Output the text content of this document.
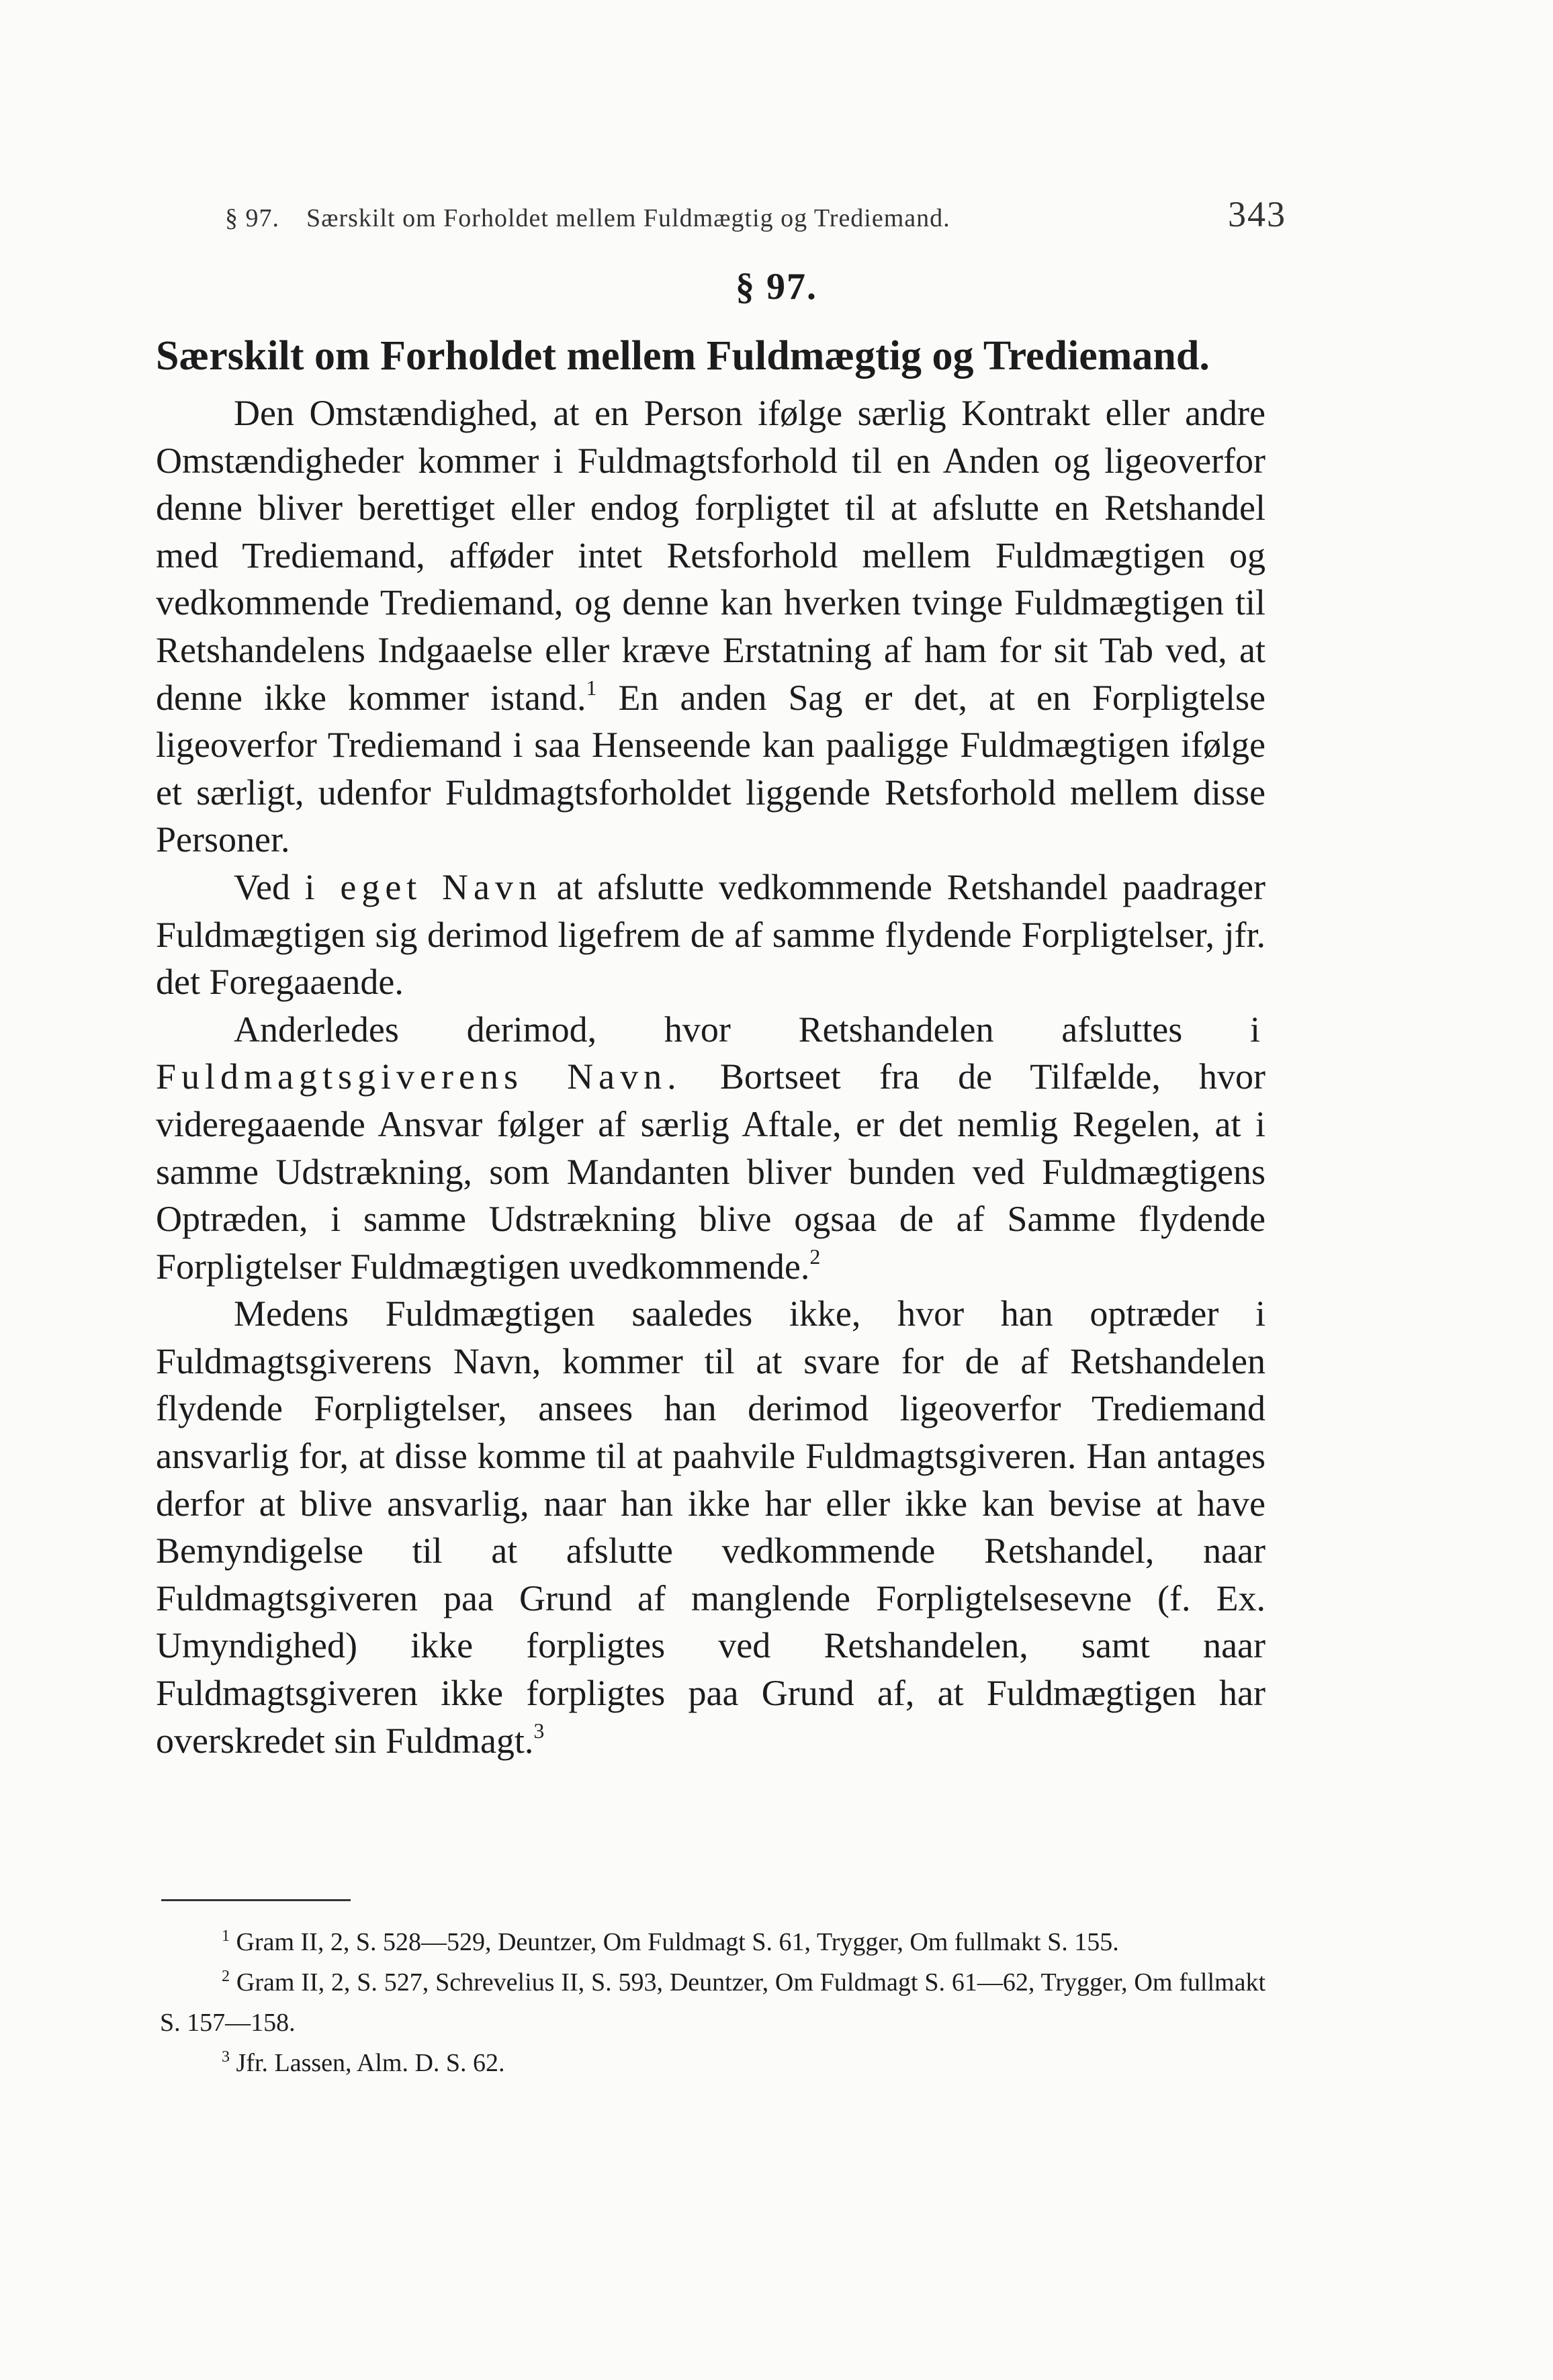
§ 97. Særskilt om Forholdet mellem Fuldmægtig og Trediemand.	343
§ 97.
Særskilt om Forholdet mellem Fuldmægtig og Trediemand.

Den Omstændighed, at en Person ifølge særlig Kontrakt eller andre Omstændigheder kommer i Fuldmagtsforhold til en Anden og ligeoverfor denne bliver berettiget eller endog forpligtet til at afslutte en Retshandel med Trediemand, afføder intet Retsforhold mellem Fuldmægtigen og vedkommende Trediemand, og denne kan hverken tvinge Fuldmægtigen til Retshandelens Indgaaelse eller kræve Erstatning af ham for sit Tab ved, at denne ikke kommer istand.$^1$ En anden Sag er det, at en Forpligtelse ligeoverfor Trediemand i saa Henseende kan paaligge Fuldmægtigen ifølge et særligt, udenfor Fuldmagtsforholdet liggende Retsforhold mellem disse Personer.

Ved i eget Navn at afslutte vedkommende Retshandel paadrager Fuldmægtigen sig derimod ligefrem de af samme flydende Forpligtelser, jfr. det Foregaaende.

Anderledes derimod, hvor Retshandelen afsluttes i Fuldmagtsgiverens Navn. Bortseet fra de Tilfælde, hvor videregaaende Ansvar følger af særlig Aftale, er det nemlig Regelen, at i samme Udstrækning, som Mandanten bliver bunden ved Fuldmægtigens Optræden, i samme Udstrækning blive ogsaa de af Samme flydende Forpligtelser Fuldmægtigen uvedkommende.$^2$

Medens Fuldmægtigen saaledes ikke, hvor han optræder i Fuldmagtsgiverens Navn, kommer til at svare for de af Retshandelen flydende Forpligtelser, ansees han derimod ligeoverfor Trediemand ansvarlig for, at disse komme til at paahvile Fuldmagtsgiveren. Han antages derfor at blive ansvarlig, naar han ikke har eller ikke kan bevise at have Bemyndigelse til at afslutte vedkommende Retshandel, naar Fuldmagtsgiveren paa Grund af manglende Forpligtelsesevne (f. Ex. Umyndighed) ikke forpligtes ved Retshandelen, samt naar Fuldmagtsgiveren ikke forpligtes paa Grund af, at Fuldmægtigen har overskredet sin Fuldmagt.$^3$

$^1$ Gram II, 2, S. 528—529, Deuntzer, Om Fuldmagt S. 61, Trygger, Om fullmakt S. 155.

$^2$ Gram II, 2, S. 527, Schrevelius II, S. 593, Deuntzer, Om Fuldmagt S. 61—62, Trygger, Om fullmakt S. 157—158.

$^3$ Jfr. Lassen, Alm. D. S. 62.
